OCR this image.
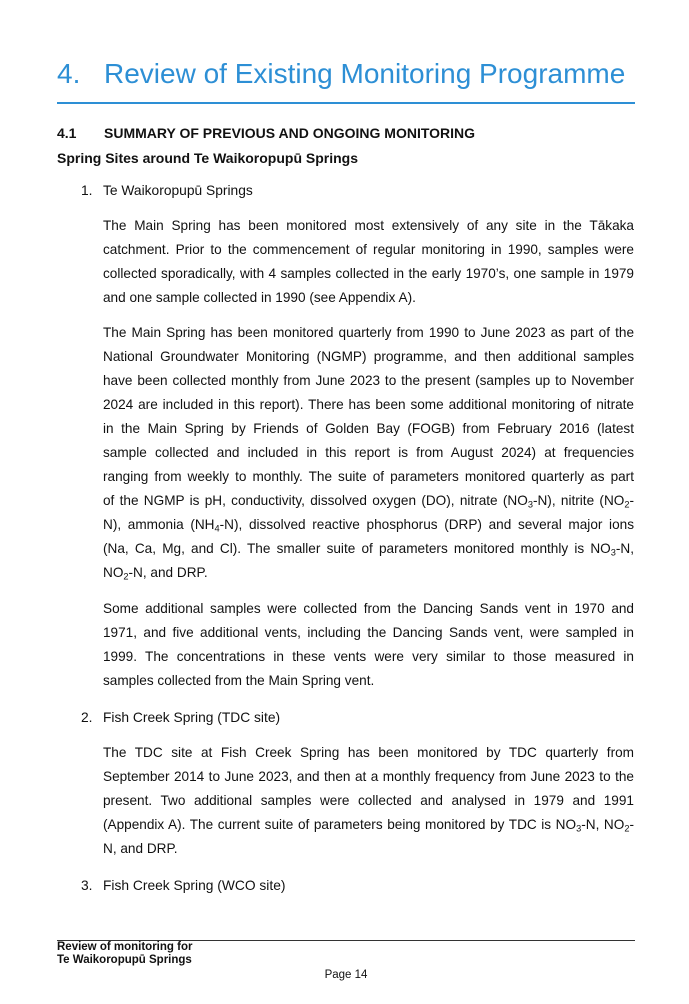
4. Review of Existing Monitoring Programme
4.1 SUMMARY OF PREVIOUS AND ONGOING MONITORING
Spring Sites around Te Waikoropupū Springs
1. Te Waikoropupū Springs
The Main Spring has been monitored most extensively of any site in the Tākaka
catchment. Prior to the commencement of regular monitoring in 1990, samples were
collected sporadically, with 4 samples collected in the early 1970’s, one sample in 1979
and one sample collected in 1990 (see Appendix A).
The Main Spring has been monitored quarterly from 1990 to June 2023 as part of the
National Groundwater Monitoring (NGMP) programme, and then additional samples
have been collected monthly from June 2023 to the present (samples up to November
2024 are included in this report). There has been some additional monitoring of nitrate
in the Main Spring by Friends of Golden Bay (FOGB) from February 2016 (latest
sample collected and included in this report is from August 2024) at frequencies
ranging from weekly to monthly. The suite of parameters monitored quarterly as part
of the NGMP is pH, conductivity, dissolved oxygen (DO), nitrate $(NO_3-N)$, nitrite ($NO_2-$
N), ammonia $(NH_4-N)$, dissolved reactive phosphorus (DRP) and several major ions
(Na, Ca, Mg, and Cl). The smaller suite of parameters monitored monthly is $NO_3-N$,
$NO_2-N$, and DRP.
Some additional samples were collected from the Dancing Sands vent in 1970 and
1971, and five additional vents, including the Dancing Sands vent, were sampled in
1999. The concentrations in these vents were very similar to those measured in
samples collected from the Main Spring vent.
2. Fish Creek Spring (TDC site)
The TDC site at Fish Creek Spring has been monitored by TDC quarterly from
September 2014 to June 2023, and then at a monthly frequency from June 2023 to the
present. Two additional samples were collected and analysed in 1979 and 1991
(Appendix A). The current suite of parameters being monitored by TDC is $NO_3-N$, $NO_2-$
N, and DRP.
3. Fish Creek Spring (WCO site)
Review of monitoring for
Te Waikoropupū Springs
Page 14
